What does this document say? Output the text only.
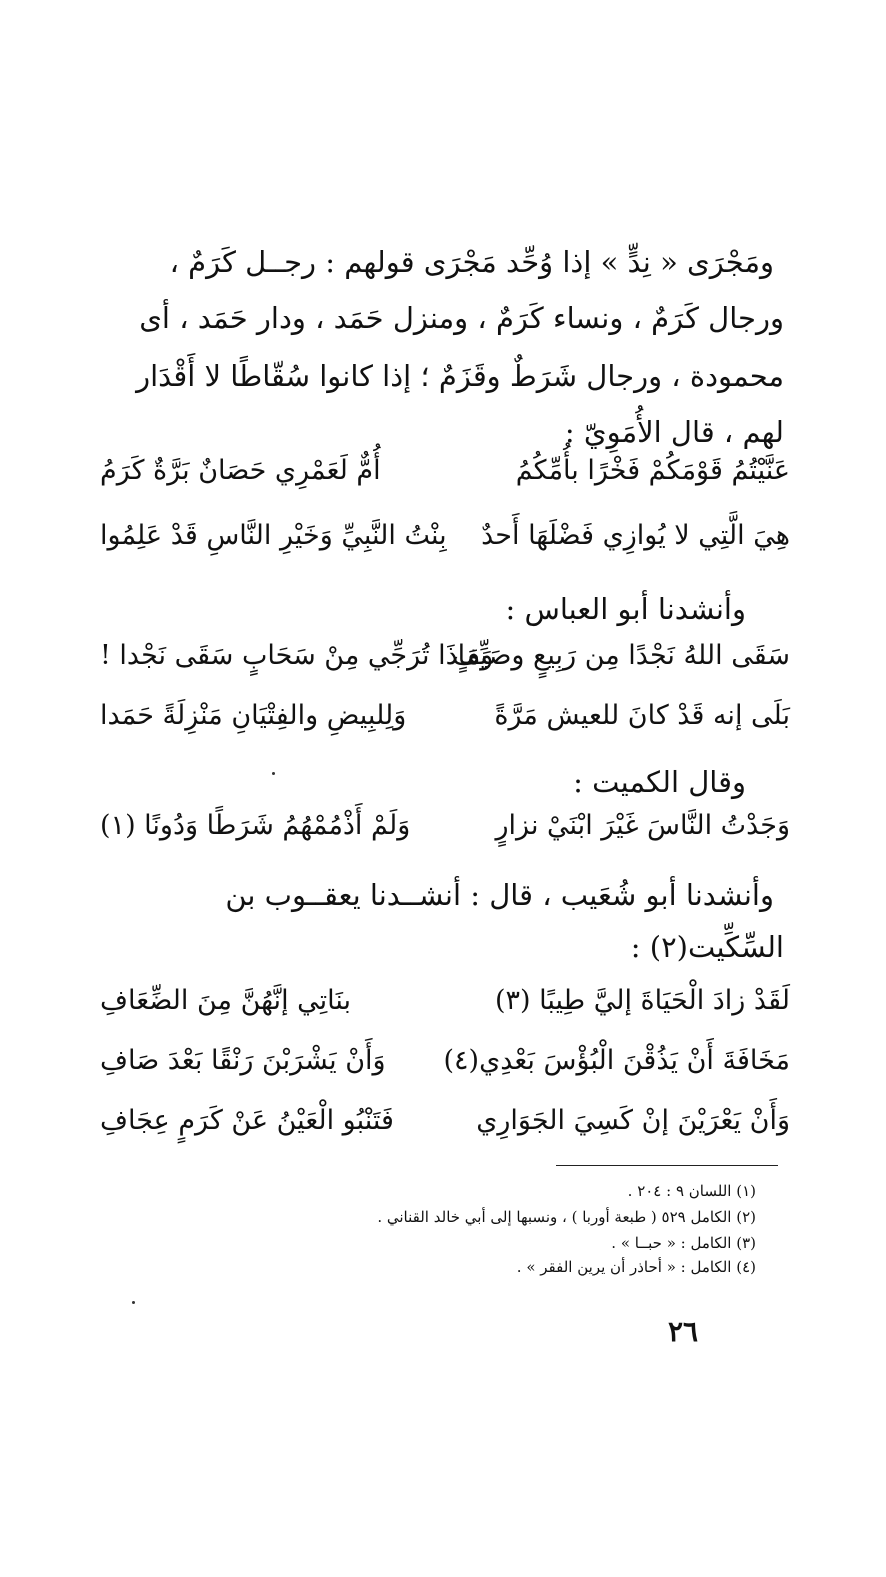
ومَجْرَى « نِدٍّ » إذا وُحِّد مَجْرَى قولهم : رجــل كَرَمٌ ،
ورجال كَرَمٌ ، ونساء كَرَمٌ ، ومنزل حَمَد ، ودار حَمَد ، أى
محمودة ، ورجال شَرَطٌ وقَزَمٌ ؛ إذا كانوا سُقّاطًا لا أَقْدَار
لهم ، قال الأُمَوِيّ :
عَنَّيْتُمُ قَوْمَكُمْ فَخْرًا بأُمِّكُمُ
أُمٌّ لَعَمْرِي حَصَانٌ بَرَّةٌ كَرَمُ
هِيَ الَّتِي لا يُوازِي فَضْلَهَا أَحدٌ
بِنْتُ النَّبِيِّ وَخَيْرِ النَّاسِ قَدْ عَلِمُوا
وأنشدنا أبو العباس :
سَقَى اللهُ نَجْدًا مِن رَبِيعٍ وصَيِّفٍ
وَمَاذَا تُرَجِّي مِنْ سَحَابٍ سَقَى نَجْدا !
بَلَى إنه قَدْ كانَ للعيش مَرَّةً
وَلِلبِيضِ والفِتْيَانِ مَنْزِلَةً حَمَدا
وقال الكميت :
وَجَدْتُ النَّاسَ غَيْرَ ابْنَيْ نزارٍ
وَلَمْ أَذْمُمْهُمُ شَرَطًا وَدُونًا (١)
وأنشدنا أبو شُعَيب ، قال : أنشــدنا يعقــوب بن
السِّكِّيت(٢) :
لَقَدْ زادَ الْحَيَاةَ إليَّ طِيبًا (٣)
بنَاتِي إنَّهُنَّ مِنَ الضِّعَافِ
مَخَافَةَ أَنْ يَذُقْنَ الْبُؤْسَ بَعْدِي(٤)
وَأَنْ يَشْرَبْنَ رَنْقًا بَعْدَ صَافِ
وَأَنْ يَعْرَيْنَ إنْ كَسِيَ الجَوَارِي
فَتَنْبُو الْعَيْنُ عَنْ كَرَمٍ عِجَافِ
(١) اللسان ٩ : ٢٠٤ .
(٢) الكامل ٥٢٩ ( طبعة أوربا ) ، ونسبها إلى أبي خالد القناني .
(٣) الكامل : « حبــا » .
(٤) الكامل : « أحاذر أن يرين الفقر » .
٢٦
